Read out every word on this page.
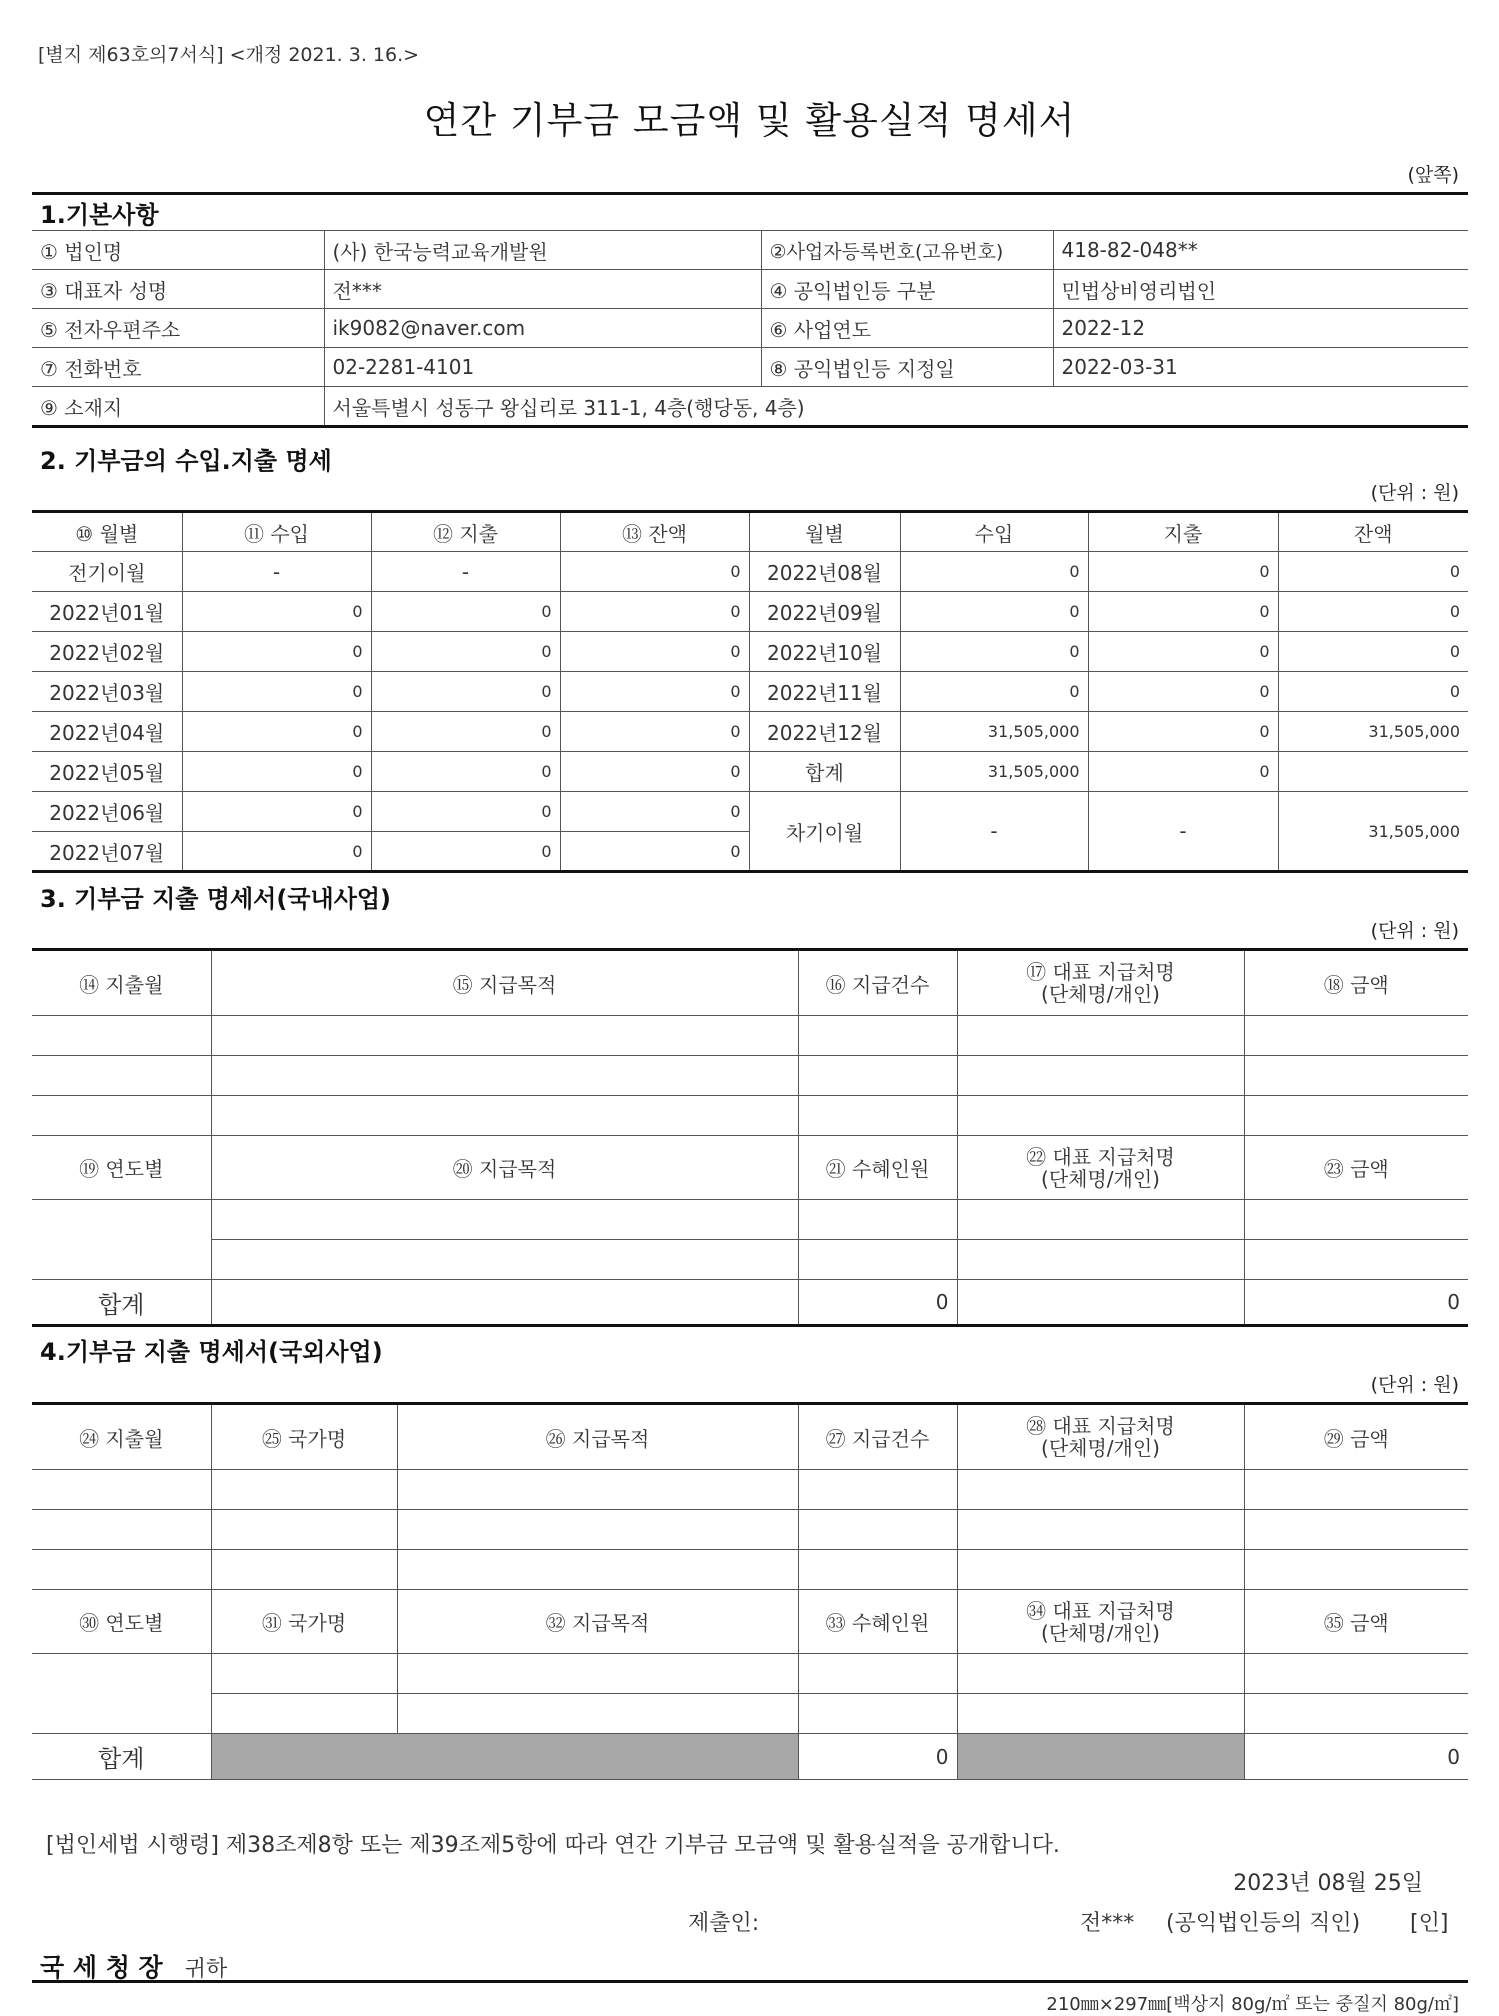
[별지 제63호의7서식] <개정 2021. 3. 16.>
연간 기부금 모금액 및 활용실적 명세서
(앞쪽)
1.기본사항			
① 법인명	(사) 한국능력교육개발원	②사업자등록번호(고유번호)	418-82-048**
③ 대표자 성명	전***	④ 공익법인등 구분	민법상비영리법인
⑤ 전자우편주소	ik9082@naver.com	⑥ 사업연도	2022-12
⑦ 전화번호	02-2281-4101	⑧ 공익법인등 지정일	2022-03-31
⑨ 소재지	서울특별시 성동구 왕십리로 311-1, 4층(행당동, 4층)		
2. 기부금의 수입.지출 명세
(단위 : 원)
⑩ 월별	⑪ 수입	⑫ 지출	⑬ 잔액	월별	수입	지출	잔액
전기이월	-	-	0	2022년08월	0	0	0
2022년01월	0	0	0	2022년09월	0	0	0
2022년02월	0	0	0	2022년10월	0	0	0
2022년03월	0	0	0	2022년11월	0	0	0
2022년04월	0	0	0	2022년12월	31,505,000	0	31,505,000
2022년05월	0	0	0	합계	31,505,000	0	
2022년06월	0	0	0	차기이월	-	-	31,505,000
2022년07월	0	0	0				
3. 기부금 지출 명세서(국내사업)
(단위 : 원)
⑭ 지출월	⑮ 지급목적	⑯ 지급건수	⑰ 대표 지급처명
(단체명/개인)	⑱ 금액

⑲ 연도별	⑳ 지급목적	㉑ 수혜인원	㉒ 대표 지급처명
(단체명/개인)	㉓ 금액

합계		0		0
4.기부금 지출 명세서(국외사업)
(단위 : 원)
㉔ 지출월	㉕ 국가명	㉖ 지급목적	㉗ 지급건수	㉘ 대표 지급처명
(단체명/개인)	㉙ 금액

㉚ 연도별	㉛ 국가명	㉜ 지급목적	㉝ 수혜인원	㉞ 대표 지급처명
(단체명/개인)	㉟ 금액

합계			0		0
[법인세법 시행령] 제38조제8항 또는 제39조제5항에 따라 연간 기부금 모금액 및 활용실적을 공개합니다.
2023년 08월 25일
제출인:	전*** (공익법인등의 직인) [인]
국 세 청 장 귀하
210㎜×297㎜[백상지 80g/㎡ 또는 중질지 80g/㎡]
